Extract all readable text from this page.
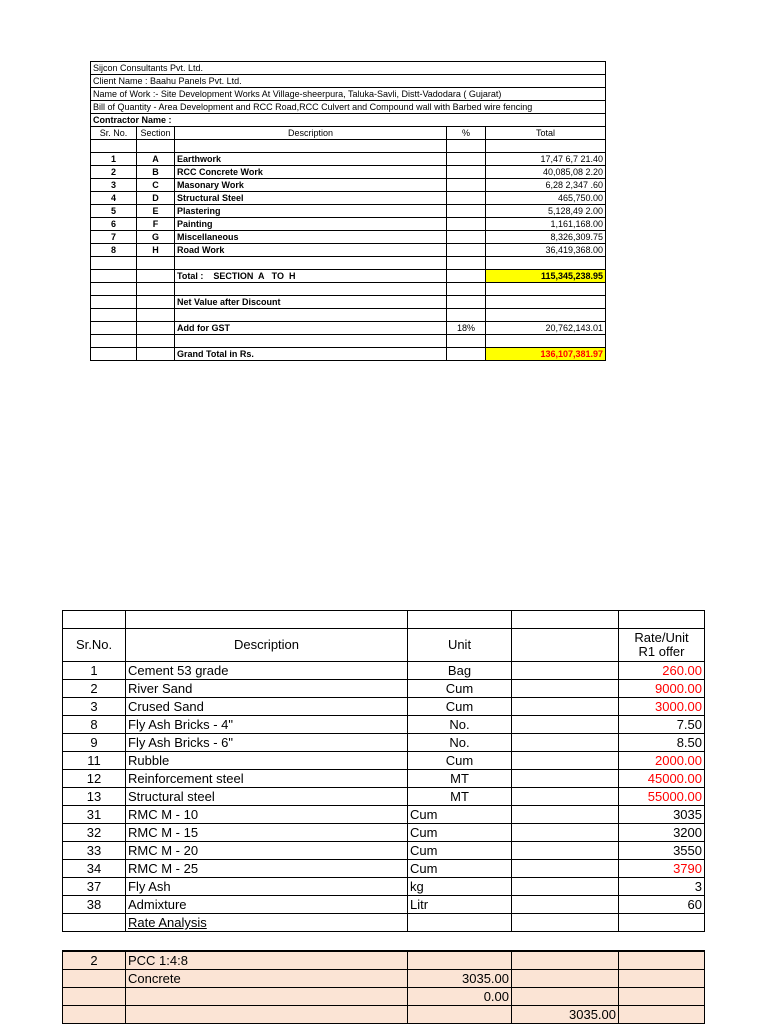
Sijcon Consultants Pvt. Ltd.				
Client Name : Baahu Panels Pvt. Ltd.				
Name of Work :- Site Development Works At Village-sheerpura, Taluka-Savli, Distt-Vadodara ( Gujarat)				
Bill of Quantity - Area Development and RCC Road,RCC Culvert and Compound wall with Barbed wire fencing				
Contractor Name :				
Sr. No.	Section	Description	%	Total

1	A	Earthwork		17,47 6,7 21.40
2	B	RCC Concrete Work		40,085,08 2.20
3	C	Masonary Work		6,28 2,347 .60
4	D	Structural Steel		465,750.00
5	E	Plastering		5,128,49 2.00
6	F	Painting		1,161,168.00
7	G	Miscellaneous		8,326,309.75
8	H	Road Work		36,419,368.00

		Total :    SECTION  A   TO  H		115,345,238.95

		Net Value after Discount		

		Add for GST	18%	20,762,143.01

		Grand Total in Rs.		136,107,381.97

Sr.No.	Description	Unit		Rate/Unit
R1 offer

1	Cement 53 grade	Bag		260.00
2	River Sand	Cum		9000.00
3	Crused Sand	Cum		3000.00
8	Fly Ash Bricks - 4"	No.		7.50
9	Fly Ash Bricks - 6"	No.		8.50
11	Rubble	Cum		2000.00
12	Reinforcement steel	MT		45000.00
13	Structural steel	MT		55000.00
31	RMC M - 10	Cum		3035
32	RMC M - 15	Cum		3200
33	RMC M - 20	Cum		3550
34	RMC M - 25	Cum		3790
37	Fly Ash	kg		3
38	Admixture	Litr		60
	Rate Analysis			
2	PCC 1:4:8			
	Concrete	3035.00		
		0.00		
			3035.00	
